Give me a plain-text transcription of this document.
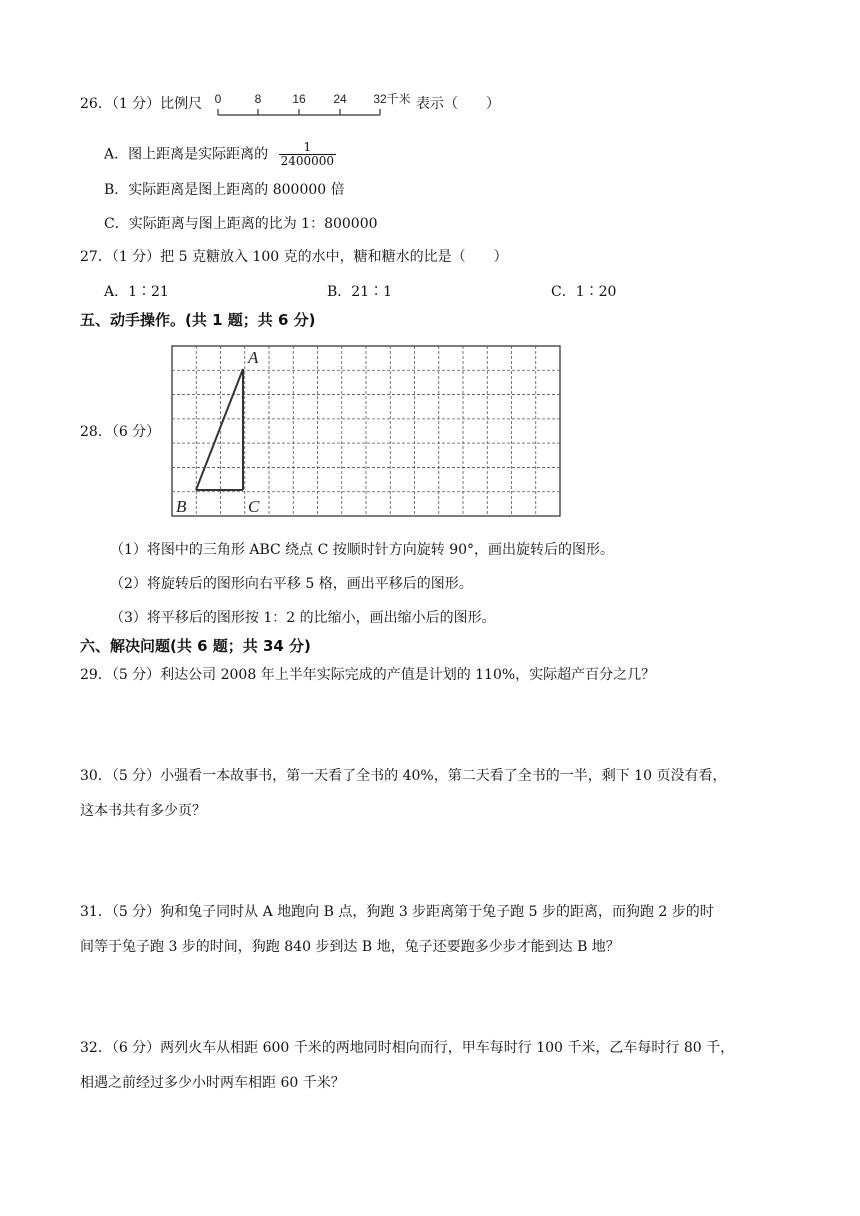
26．（1 分）比例尺 0	8	16 24 32千米 表示（　　）
A．图上距离是实际距离的 $\frac{1}{2400000}$
B．实际距离是图上距离的 800000 倍
C．实际距离与图上距离的比为 1：800000
27．（1 分）把 5 克糖放入 100 克的水中，糖和糖水的比是（　　）
A．1∶21	B．21∶1	C．1∶20
五、动手操作。(共 1 题；共 6 分)
28．（6 分）
A
B	C
（1）将图中的三角形 ABC 绕点 C 按顺时针方向旋转 90°，画出旋转后的图形。
（2）将旋转后的图形向右平移 5 格，画出平移后的图形。
（3）将平移后的图形按 1：2 的比缩小，画出缩小后的图形。
六、解决问题(共 6 题；共 34 分)
29．（5 分）利达公司 2008 年上半年实际完成的产值是计划的 110%，实际超产百分之几？
30．（5 分）小强看一本故事书，第一天看了全书的 40%，第二天看了全书的一半，剩下 10 页没有看，
这本书共有多少页？
31．（5 分）狗和兔子同时从 A 地跑向 B 点，狗跑 3 步距离第于兔子跑 5 步的距离，而狗跑 2 步的时
间等于兔子跑 3 步的时间，狗跑 840 步到达 B 地，兔子还要跑多少步才能到达 B 地？
32．（6 分）两列火车从相距 600 千米的两地同时相向而行，甲车每时行 100 千米，乙车每时行 80 千，
相遇之前经过多少小时两车相距 60 千米？
